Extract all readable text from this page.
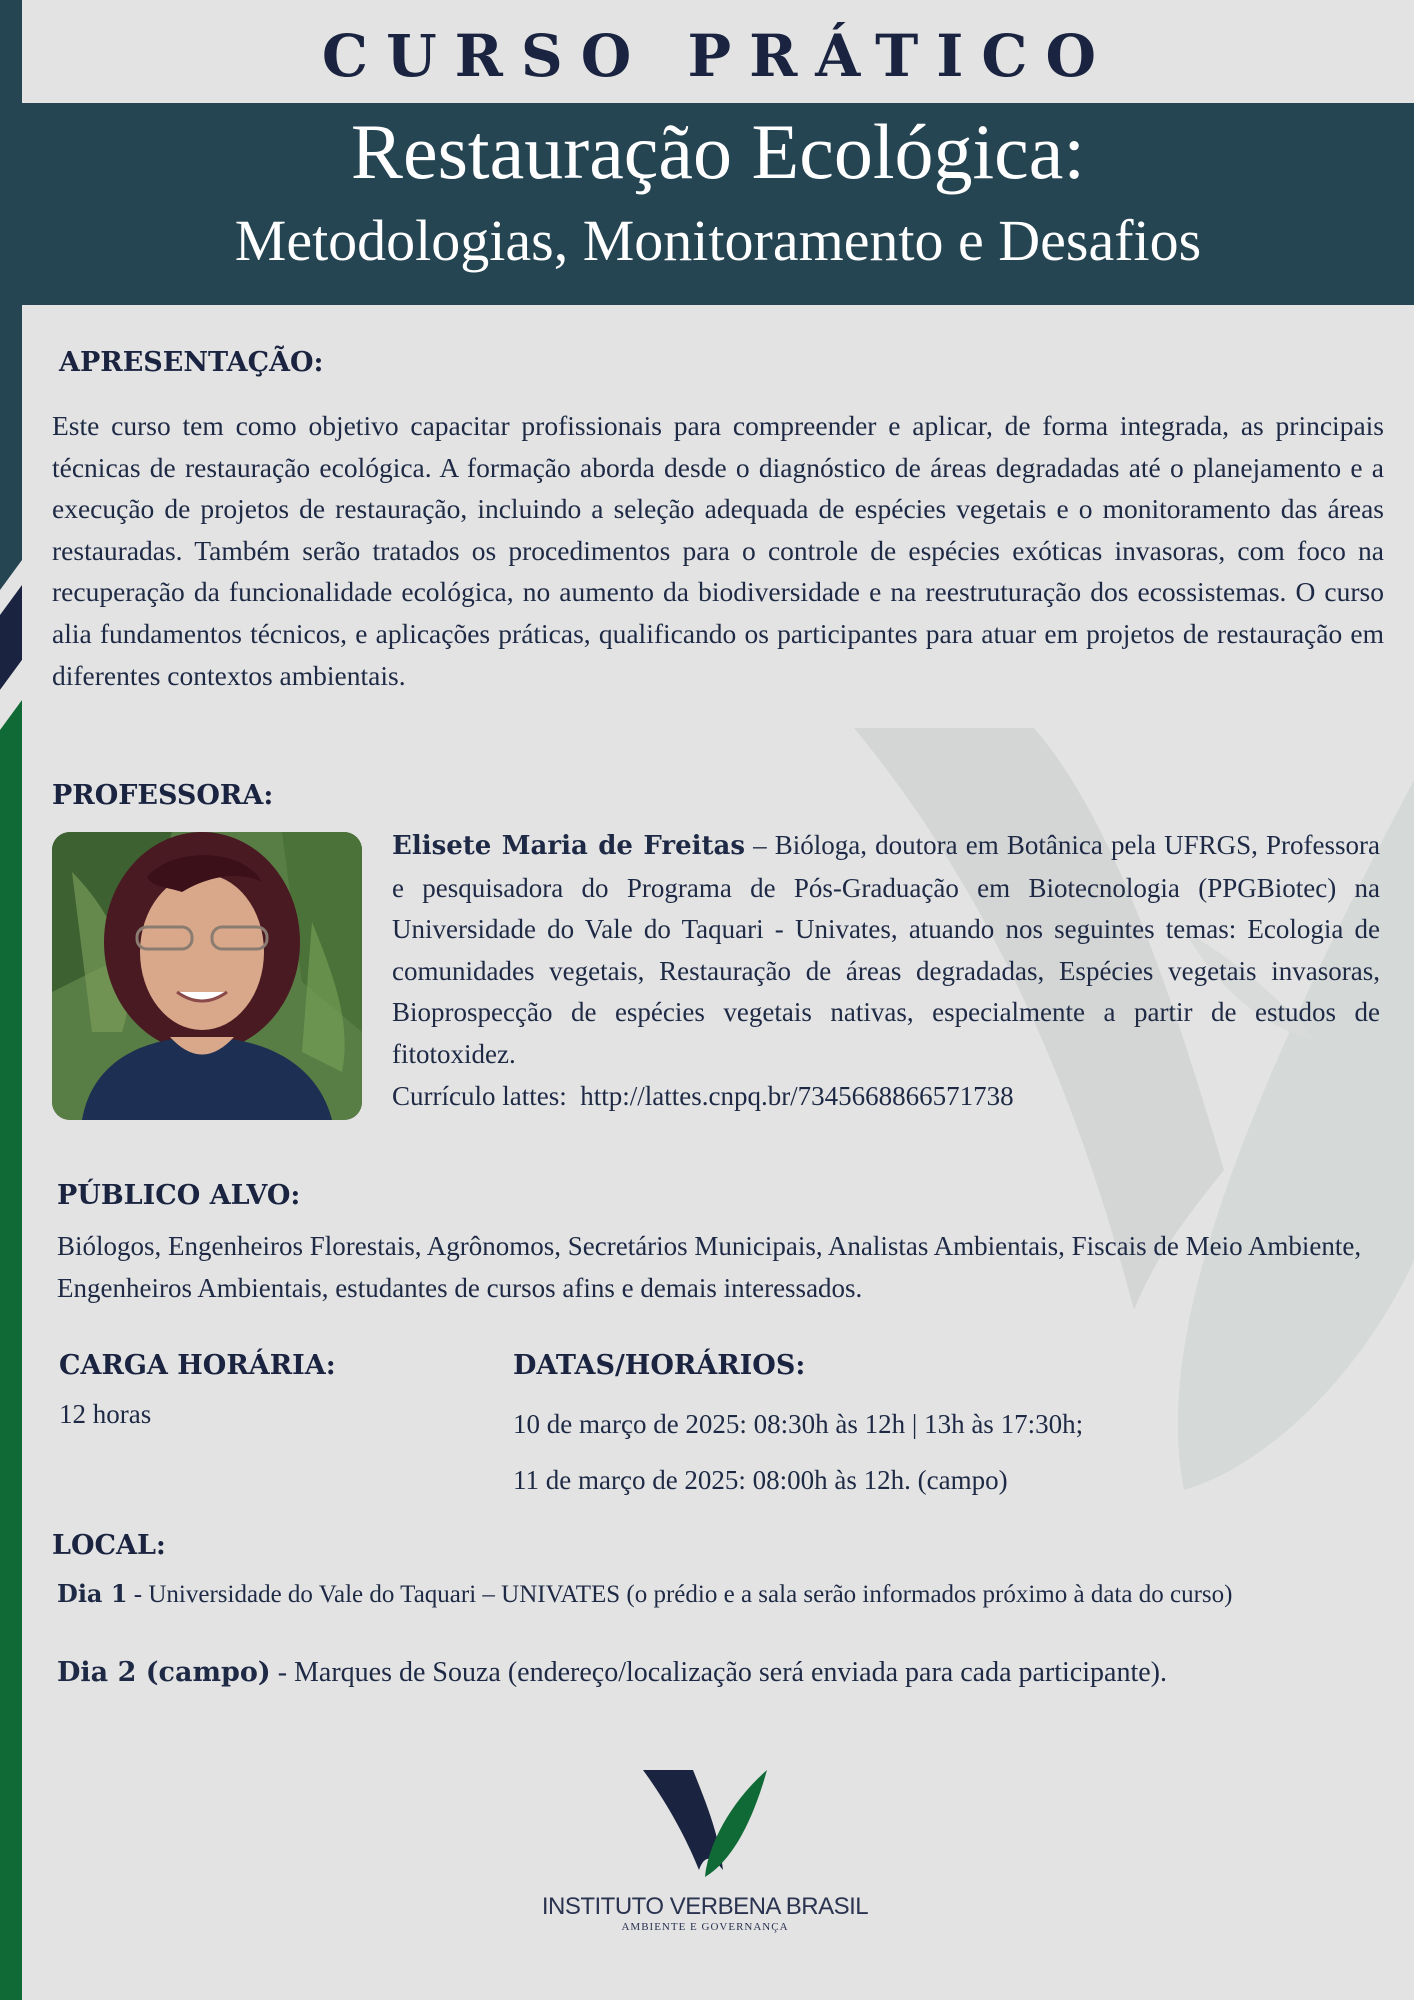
CURSO PRÁTICO
Restauração Ecológica:
Metodologias, Monitoramento e Desafios
APRESENTAÇÃO:
Este curso tem como objetivo capacitar profissionais para compreender e aplicar, de forma integrada, as principais técnicas de restauração ecológica. A formação aborda desde o diagnóstico de áreas degradadas até o planejamento e a execução de projetos de restauração, incluindo a seleção adequada de espécies vegetais e o monitoramento das áreas restauradas. Também serão tratados os procedimentos para o controle de espécies exóticas invasoras, com foco na recuperação da funcionalidade ecológica, no aumento da biodiversidade e na reestruturação dos ecossistemas. O curso alia fundamentos técnicos, e aplicações práticas, qualificando os participantes para atuar em projetos de restauração em diferentes contextos ambientais.
PROFESSORA:
Elisete Maria de Freitas – Bióloga, doutora em Botânica pela UFRGS, Professora e pesquisadora do Programa de Pós-Graduação em Biotecnologia (PPGBiotec) na Universidade do Vale do Taquari - Univates, atuando nos seguintes temas: Ecologia de comunidades vegetais, Restauração de áreas degradadas, Espécies vegetais invasoras, Bioprospecção de espécies vegetais nativas, especialmente a partir de estudos de fitotoxidez.
Currículo lattes: http://lattes.cnpq.br/7345668866571738
PÚBLICO ALVO:
Biólogos, Engenheiros Florestais, Agrônomos, Secretários Municipais, Analistas Ambientais, Fiscais de Meio Ambiente, Engenheiros Ambientais, estudantes de cursos afins e demais interessados.
CARGA HORÁRIA:
12 horas
DATAS/HORÁRIOS:
10 de março de 2025: 08:30h às 12h | 13h às 17:30h;
11 de março de 2025: 08:00h às 12h. (campo)
LOCAL:
Dia 1 - Universidade do Vale do Taquari – UNIVATES (o prédio e a sala serão informados próximo à data do curso)
Dia 2 (campo) - Marques de Souza (endereço/localização será enviada para cada participante).
INSTITUTO VERBENA BRASIL
AMBIENTE E GOVERNANÇA
